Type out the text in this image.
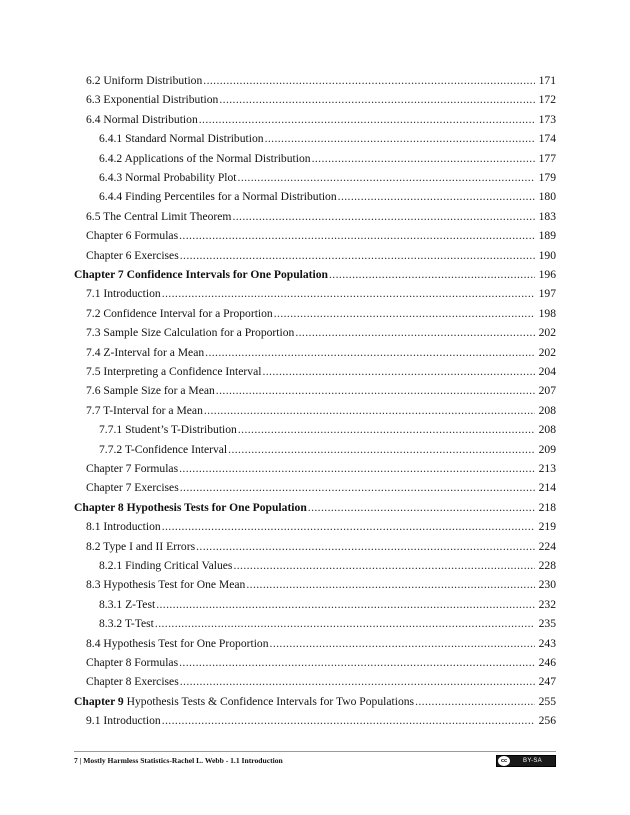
6.2 Uniform Distribution .....	171
6.3 Exponential Distribution .....	172
6.4 Normal Distribution .....	173
6.4.1 Standard Normal Distribution .....	174
6.4.2 Applications of the Normal Distribution .....	177
6.4.3 Normal Probability Plot .....	179
6.4.4 Finding Percentiles for a Normal Distribution .....	180
6.5 The Central Limit Theorem .....	183
Chapter 6 Formulas .....	189
Chapter 6 Exercises .....	190
Chapter 7 Confidence Intervals for One Population .....	196
7.1 Introduction .....	197
7.2 Confidence Interval for a Proportion .....	198
7.3 Sample Size Calculation for a Proportion .....	202
7.4 Z-Interval for a Mean .....	202
7.5 Interpreting a Confidence Interval .....	204
7.6 Sample Size for a Mean .....	207
7.7 T-Interval for a Mean .....	208
7.7.1 Student’s T-Distribution .....	208
7.7.2 T-Confidence Interval .....	209
Chapter 7 Formulas .....	213
Chapter 7 Exercises .....	214
Chapter 8 Hypothesis Tests for One Population .....	218
8.1 Introduction .....	219
8.2 Type I and II Errors .....	224
8.2.1 Finding Critical Values .....	228
8.3 Hypothesis Test for One Mean .....	230
8.3.1 Z-Test .....	232
8.3.2 T-Test .....	235
8.4 Hypothesis Test for One Proportion .....	243
Chapter 8 Formulas .....	246
Chapter 8 Exercises .....	247
Chapter 9 Hypothesis Tests & Confidence Intervals for Two Populations .....	255
9.1 Introduction .....	256
7 | Mostly Harmless Statistics-Rachel L. Webb - 1.1 Introduction	cc	BY-SA
